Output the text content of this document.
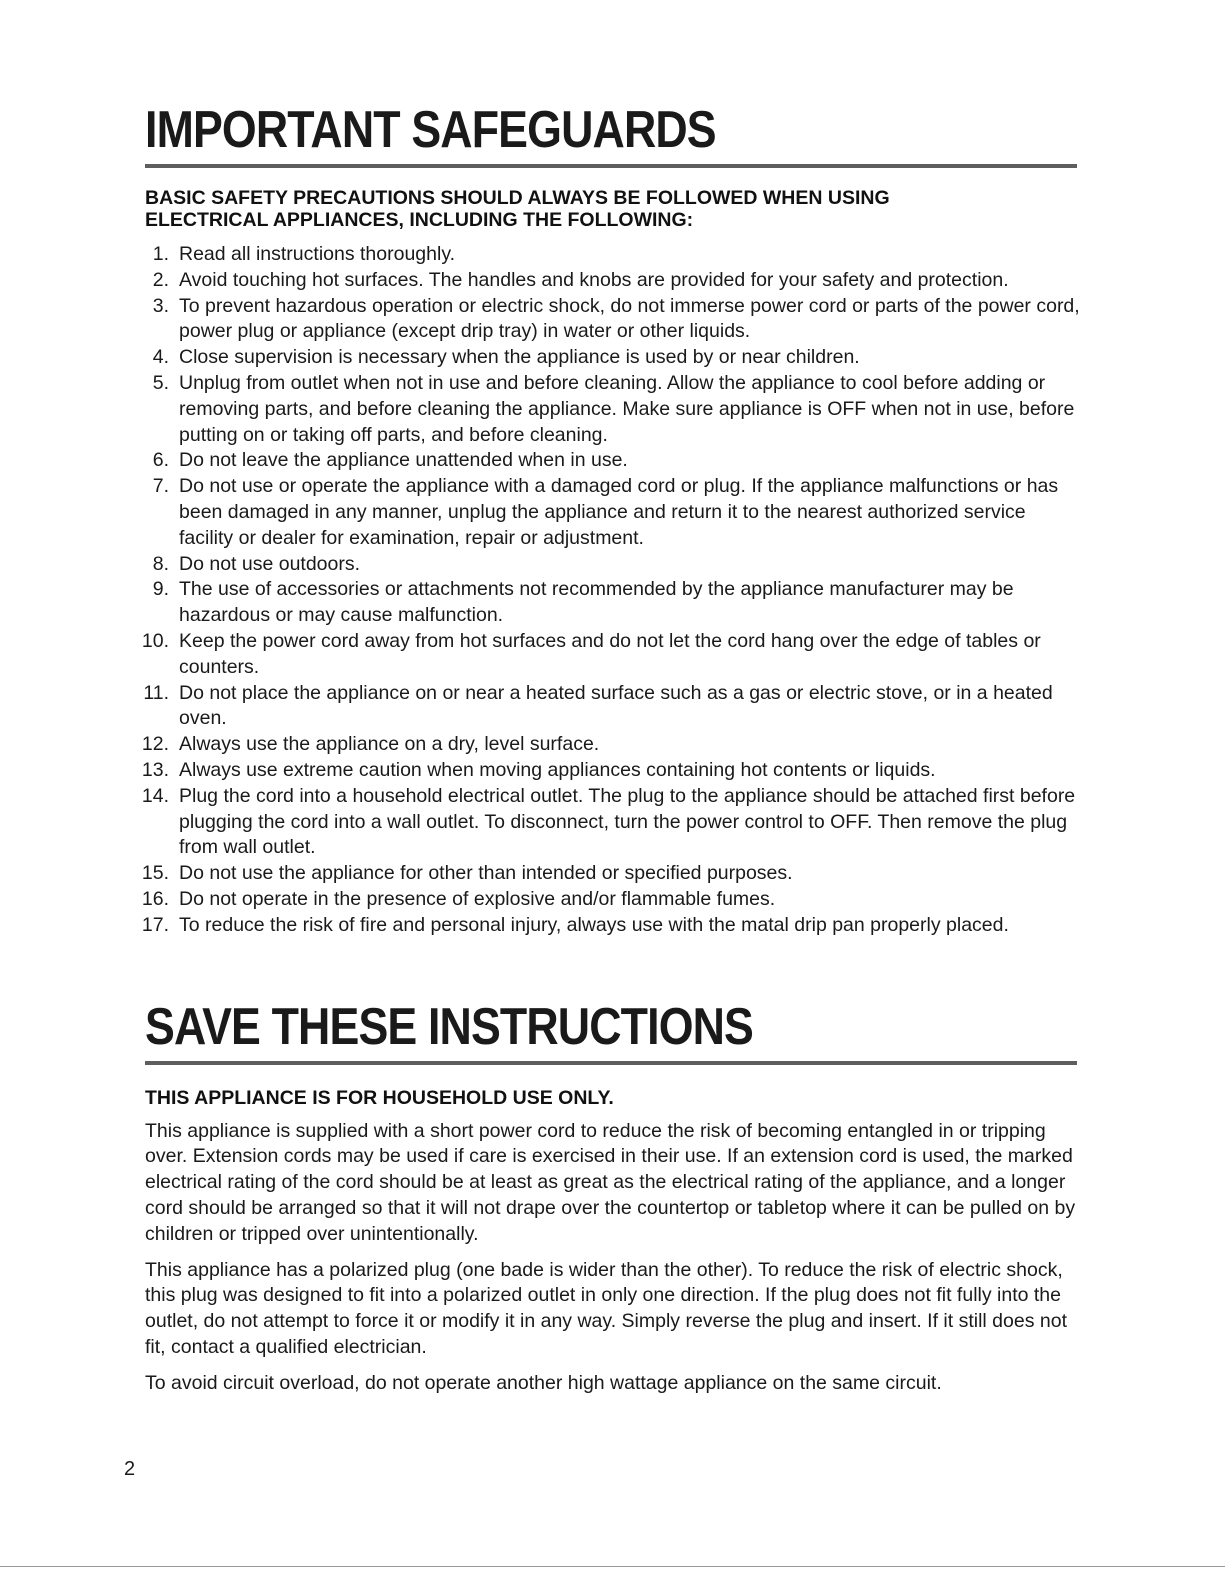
IMPORTANT SAFEGUARDS

BASIC SAFETY PRECAUTIONS SHOULD ALWAYS BE FOLLOWED WHEN USING
ELECTRICAL APPLIANCES, INCLUDING THE FOLLOWING:

1. Read all instructions thoroughly.
2. Avoid touching hot surfaces. The handles and knobs are provided for your safety and protection.
3. To prevent hazardous operation or electric shock, do not immerse power cord or parts of the power cord, power plug or appliance (except drip tray) in water or other liquids.
4. Close supervision is necessary when the appliance is used by or near children.
5. Unplug from outlet when not in use and before cleaning. Allow the appliance to cool before adding or removing parts, and before cleaning the appliance. Make sure appliance is OFF when not in use, before putting on or taking off parts, and before cleaning.
6. Do not leave the appliance unattended when in use.
7. Do not use or operate the appliance with a damaged cord or plug. If the appliance malfunctions or has been damaged in any manner, unplug the appliance and return it to the nearest authorized service facility or dealer for examination, repair or adjustment.
8. Do not use outdoors.
9. The use of accessories or attachments not recommended by the appliance manufacturer may be hazardous or may cause malfunction.
10. Keep the power cord away from hot surfaces and do not let the cord hang over the edge of tables or counters.
11. Do not place the appliance on or near a heated surface such as a gas or electric stove, or in a heated oven.
12. Always use the appliance on a dry, level surface.
13. Always use extreme caution when moving appliances containing hot contents or liquids.
14. Plug the cord into a household electrical outlet. The plug to the appliance should be attached first before plugging the cord into a wall outlet. To disconnect, turn the power control to OFF. Then remove the plug from wall outlet.
15. Do not use the appliance for other than intended or specified purposes.
16. Do not operate in the presence of explosive and/or flammable fumes.
17. To reduce the risk of fire and personal injury, always use with the matal drip pan properly placed.
SAVE THESE INSTRUCTIONS

THIS APPLIANCE IS FOR HOUSEHOLD USE ONLY.

This appliance is supplied with a short power cord to reduce the risk of becoming entangled in or tripping over. Extension cords may be used if care is exercised in their use. If an extension cord is used, the marked electrical rating of the cord should be at least as great as the electrical rating of the appliance, and a longer cord should be arranged so that it will not drape over the countertop or tabletop where it can be pulled on by children or tripped over unintentionally.

This appliance has a polarized plug (one bade is wider than the other). To reduce the risk of electric shock, this plug was designed to fit into a polarized outlet in only one direction. If the plug does not fit fully into the outlet, do not attempt to force it or modify it in any way. Simply reverse the plug and insert. If it still does not fit, contact a qualified electrician.

To avoid circuit overload, do not operate another high wattage appliance on the same circuit.

2
